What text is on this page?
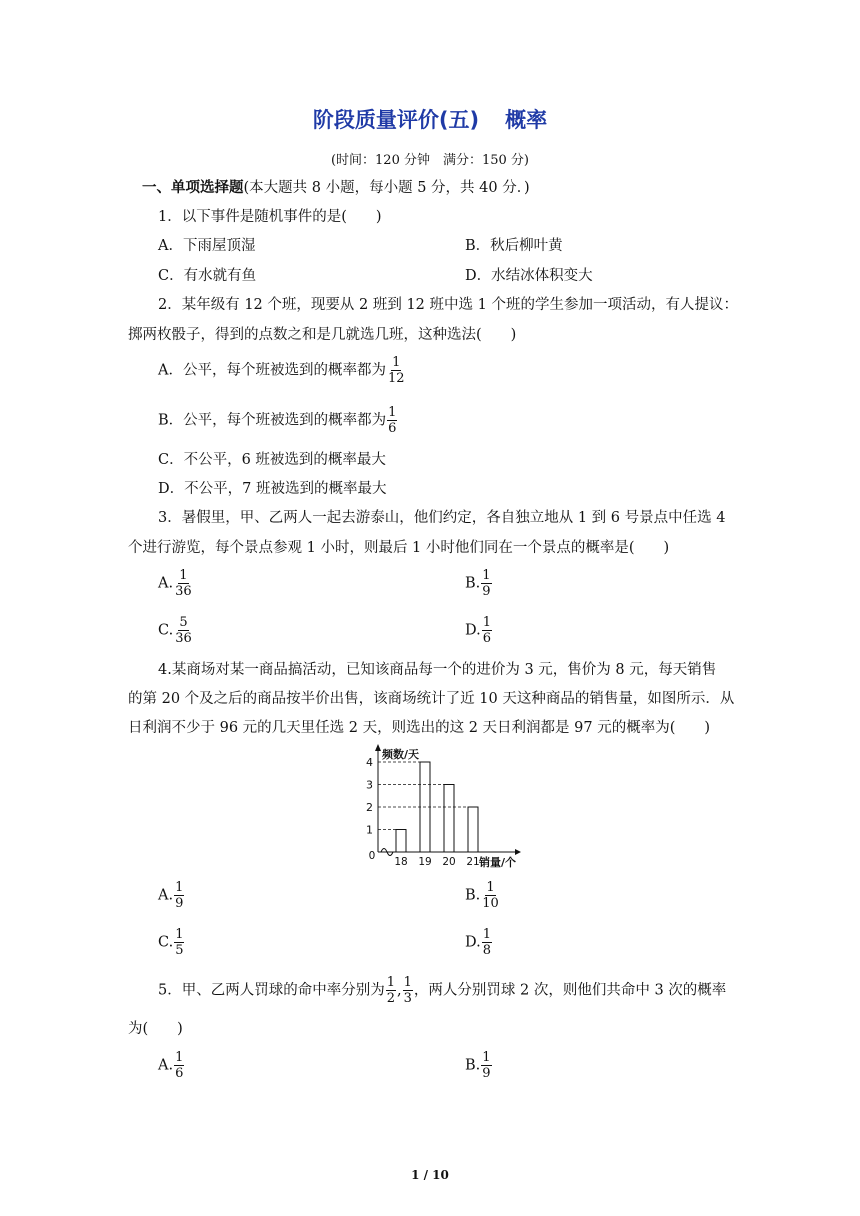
阶段质量评价(五) 概率
(时间：120 分钟　满分：150 分)
一、单项选择题(本大题共 8 小题，每小题 5 分，共 40 分．)
1．以下事件是随机事件的是(　　)
A．下雨屋顶湿	B．秋后柳叶黄
C．有水就有鱼	D．水结冰体积变大
2．某年级有 12 个班，现要从 2 班到 12 班中选 1 个班的学生参加一项活动，有人提议：
掷两枚骰子，得到的点数之和是几就选几班，这种选法(　　)
A．公平，每个班被选到的概率都为 $\frac{1}{12}$
B．公平，每个班被选到的概率都为 $\frac{1}{6}$
C．不公平，6 班被选到的概率最大
D．不公平，7 班被选到的概率最大
3．暑假里，甲、乙两人一起去游泰山，他们约定，各自独立地从 1 到 6 号景点中任选 4
个进行游览，每个景点参观 1 小时，则最后 1 小时他们同在一个景点的概率是(　　)
A. $\frac{1}{36}$	B. $\frac{1}{9}$
C. $\frac{5}{36}$	D. $\frac{1}{6}$
4.某商场对某一商品搞活动，已知该商品每一个的进价为 3 元，售价为 8 元，每天销售
的第 20 个及之后的商品按半价出售，该商场统计了近 10 天这种商品的销售量，如图所示．从
日利润不少于 96 元的几天里任选 2 天，则选出的这 2 天日利润都是 97 元的概率为(　　)
1
2
3
4
18 19 20 21
0
频数/天
销量/个
A. $\frac{1}{9}$	B. $\frac{1}{10}$
C. $\frac{1}{5}$	D. $\frac{1}{8}$
5．甲、乙两人罚球的命中率分别为 $\frac{1}{2}$ , $\frac{1}{3}$ ，两人分别罚球 2 次，则他们共命中 3 次的概率
为(　　)
A. $\frac{1}{6}$	B. $\frac{1}{9}$
1 / 10
